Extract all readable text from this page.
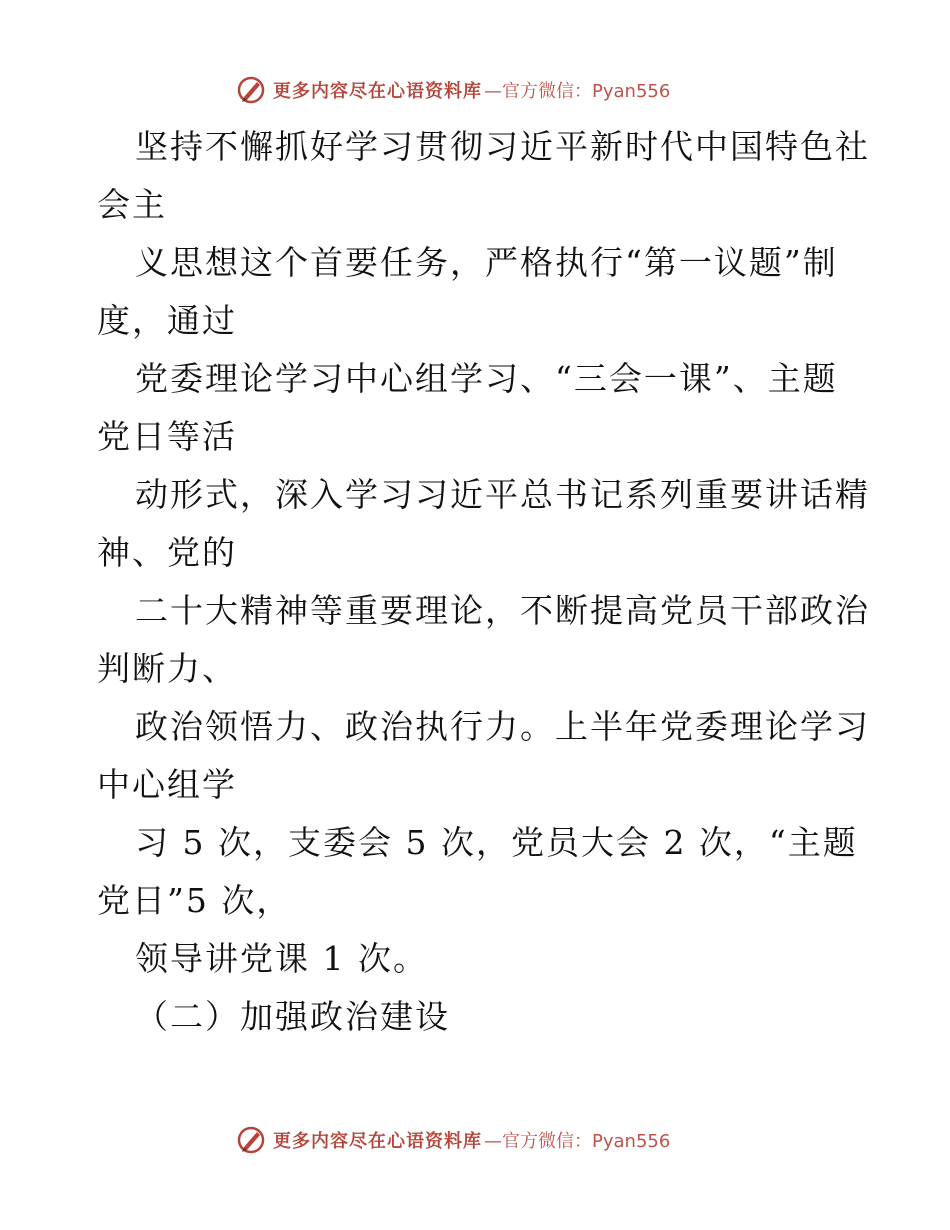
更多内容尽在心语资料库 —官方微信：Pyan556
坚持不懈抓好学习贯彻习近平新时代中国特色社
会主
义思想这个首要任务，严格执行“第一议题”制
度，通过
党委理论学习中心组学习、“三会一课”、主题
党日等活
动形式，深入学习习近平总书记系列重要讲话精
神、党的
二十大精神等重要理论，不断提高党员干部政治
判断力、
政治领悟力、政治执行力。上半年党委理论学习
中心组学
习 5 次，支委会 5 次，党员大会 2 次，“主题
党日”5 次，
领导讲党课 1 次。
（二）加强政治建设
更多内容尽在心语资料库 —官方微信：Pyan556
